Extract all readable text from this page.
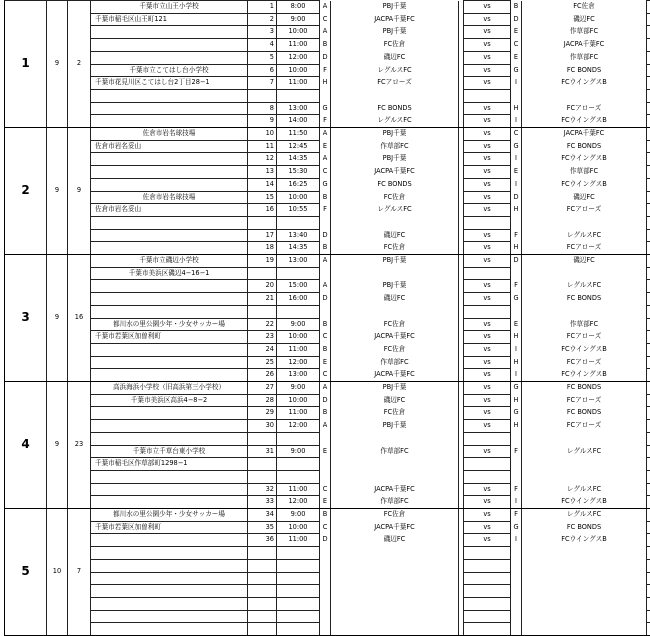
1	9	2	千葉市立山王小学校	1	8:00	A	PBJ千葉		vs	B	FC佐倉	
			千葉市稲毛区山王町121	2	9:00	C	JACPA千葉FC		vs	D	磯辺FC	
				3	10:00	A	PBJ千葉		vs	E	作草部FC	
				4	11:00	B	FC佐倉		vs	C	JACPA千葉FC	
				5	12:00	D	磯辺FC		vs	E	作草部FC	
			千葉市立こてはし台小学校	6	10:00	F	レグルスFC		vs	G	FC BONDS	
			千葉市花見川区こてはし台2丁目28−1	7	11:00	H	FCアローズ		vs	I	FCウイングスB	

				8	13:00	G	FC BONDS		vs	H	FCアローズ	
				9	14:00	F	レグルスFC		vs	I	FCウイングスB	
2	9	9	佐倉市岩名球技場	10	11:50	A	PBJ千葉		vs	C	JACPA千葉FC	
			佐倉市岩名妥山	11	12:45	E	作草部FC		vs	G	FC BONDS	
				12	14:35	A	PBJ千葉		vs	I	FCウイングスB	
				13	15:30	C	JACPA千葉FC		vs	E	作草部FC	
				14	16:25	G	FC BONDS		vs	I	FCウイングスB	
			佐倉市岩名球技場	15	10:00	B	FC佐倉		vs	D	磯辺FC	
			佐倉市岩名妥山	16	10:55	F	レグルスFC		vs	H	FCアローズ	

				17	13:40	D	磯辺FC		vs	F	レグルスFC	
				18	14:35	B	FC佐倉		vs	H	FCアローズ	
3	9	16	千葉市立磯辺小学校	19	13:00	A	PBJ千葉		vs	D	磯辺FC	
			千葉市美浜区磯辺4−16−1									
				20	15:00	A	PBJ千葉		vs	F	レグルスFC	
				21	16:00	D	磯辺FC		vs	G	FC BONDS	

			都川水の里公園少年・少女サッカー場	22	9:00	B	FC佐倉		vs	E	作草部FC	
			千葉市若葉区加曽利町	23	10:00	C	JACPA千葉FC		vs	H	FCアローズ	
				24	11:00	B	FC佐倉		vs	I	FCウイングスB	
				25	12:00	E	作草部FC		vs	H	FCアローズ	
				26	13:00	C	JACPA千葉FC		vs	I	FCウイングスB	
4	9	23	高浜海浜小学校（旧高浜第三小学校）	27	9:00	A	PBJ千葉		vs	G	FC BONDS	
			千葉市美浜区高浜4−8−2	28	10:00	D	磯辺FC		vs	H	FCアローズ	
				29	11:00	B	FC佐倉		vs	G	FC BONDS	
				30	12:00	A	PBJ千葉		vs	H	FCアローズ	

			千葉市立千草台東小学校	31	9:00	E	作草部FC		vs	F	レグルスFC	
			千葉市稲毛区作草部町1298−1									

				32	11:00	C	JACPA千葉FC		vs	F	レグルスFC	
				33	12:00	E	作草部FC		vs	I	FCウイングスB	
5	10	7	都川水の里公園少年・少女サッカー場	34	9:00	B	FC佐倉		vs	F	レグルスFC	
			千葉市若葉区加曽利町	35	10:00	C	JACPA千葉FC		vs	G	FC BONDS	
				36	11:00	D	磯辺FC		vs	I	FCウイングスB	
